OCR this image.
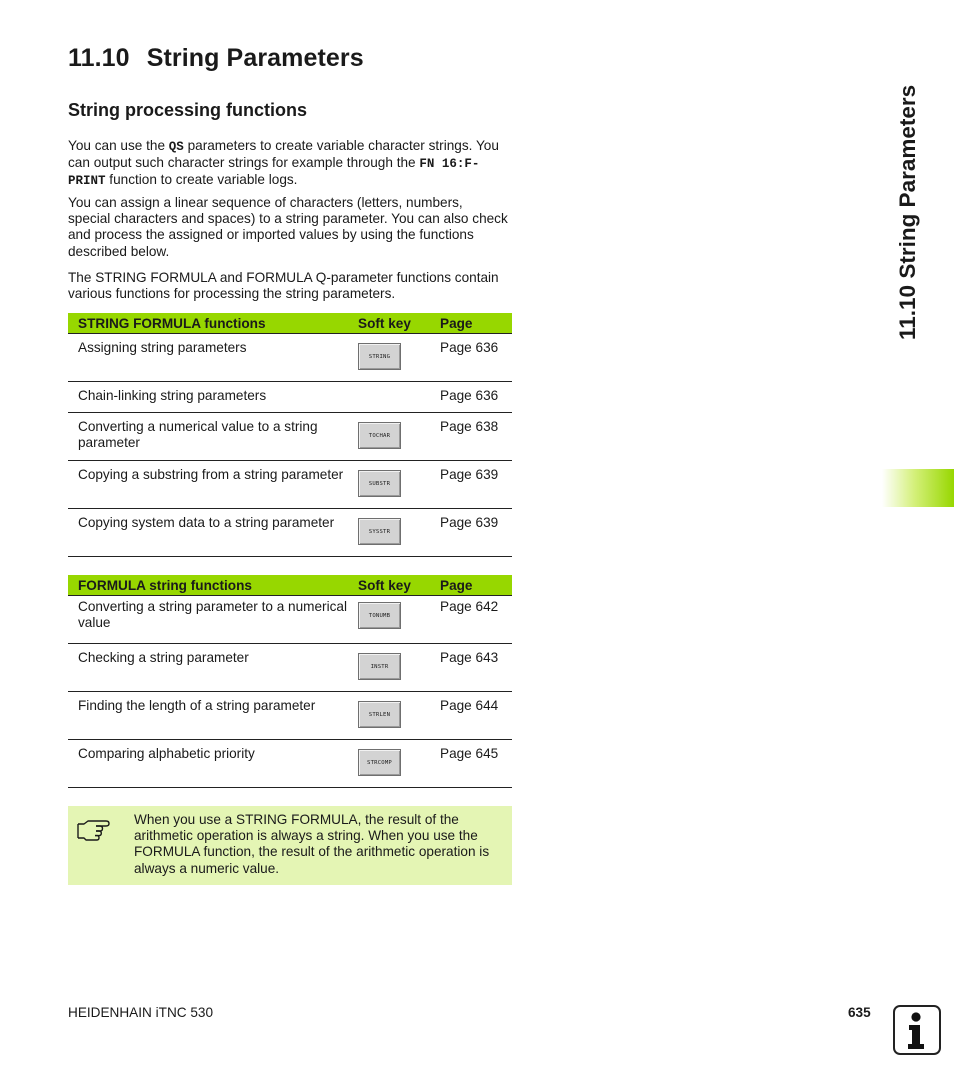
11.10 String Parameters
String processing functions

You can use the QS parameters to create variable character strings. You can output such character strings for example through the FN 16:F-PRINT function to create variable logs.

You can assign a linear sequence of characters (letters, numbers, special characters and spaces) to a string parameter. You can also check and process the assigned or imported values by using the functions described below.

The STRING FORMULA and FORMULA Q-parameter functions contain various functions for processing the string parameters.

STRING FORMULA functions	Soft key	Page
Assigning string parameters	STRING	Page 636
Chain-linking string parameters		Page 636
Converting a numerical value to a string parameter	TOCHAR	Page 638
Copying a substring from a string parameter	SUBSTR	Page 639
Copying system data to a string parameter	SYSSTR	Page 639
FORMULA string functions	Soft key	Page
Converting a string parameter to a numerical value	TONUMB	Page 642
Checking a string parameter	INSTR	Page 643
Finding the length of a string parameter	STRLEN	Page 644
Comparing alphabetic priority	STRCOMP	Page 645
When you use a STRING FORMULA, the result of the arithmetic operation is always a string. When you use the FORMULA function, the result of the arithmetic operation is always a numeric value.
11.10 String Parameters
HEIDENHAIN iTNC 530	635
